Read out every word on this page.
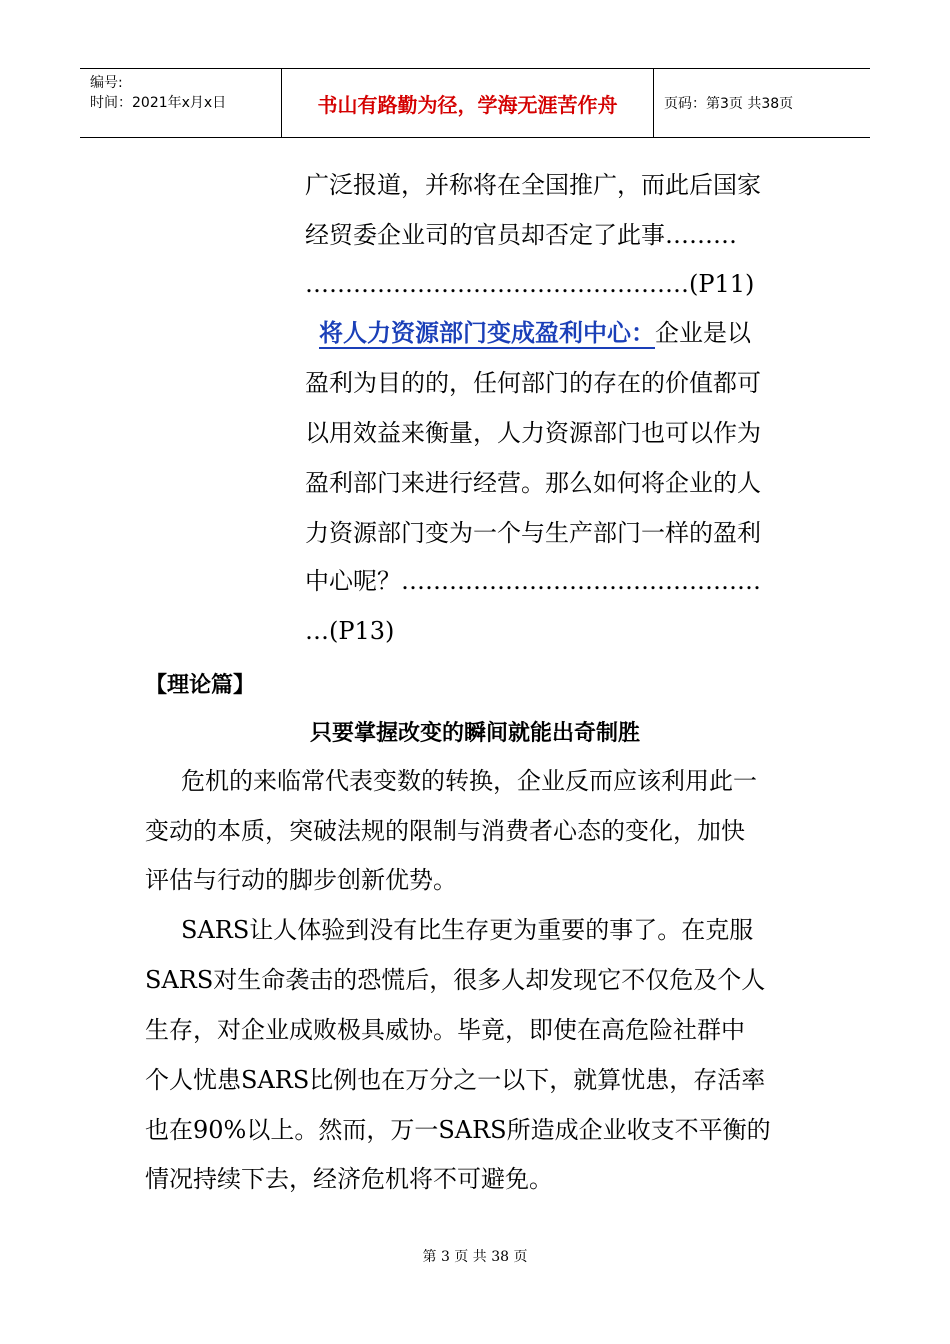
编号:
时间：2021年x月x日	书山有路勤为径，学海无涯苦作舟	页码：第3页 共38页
广泛报道，并称将在全国推广，而此后国家
经贸委企业司的官员却否定了此事………
…………………………………………(P11)
将人力资源部门变成盈利中心：企业是以
盈利为目的的，任何部门的存在的价值都可
以用效益来衡量，人力资源部门也可以作为
盈利部门来进行经营。那么如何将企业的人
力资源部门变为一个与生产部门一样的盈利
中心呢？………………………………………
…(P13)
【理论篇】
只要掌握改变的瞬间就能出奇制胜
危机的来临常代表变数的转换，企业反而应该利用此一
变动的本质，突破法规的限制与消费者心态的变化，加快
评估与行动的脚步创新优势。
SARS让人体验到没有比生存更为重要的事了。在克服
SARS对生命袭击的恐慌后，很多人却发现它不仅危及个人
生存，对企业成败极具威协。毕竟，即使在高危险社群中
个人忧患SARS比例也在万分之一以下，就算忧患，存活率
也在90%以上。然而，万一SARS所造成企业收支不平衡的
情况持续下去，经济危机将不可避免。
第 3 页 共 38 页
